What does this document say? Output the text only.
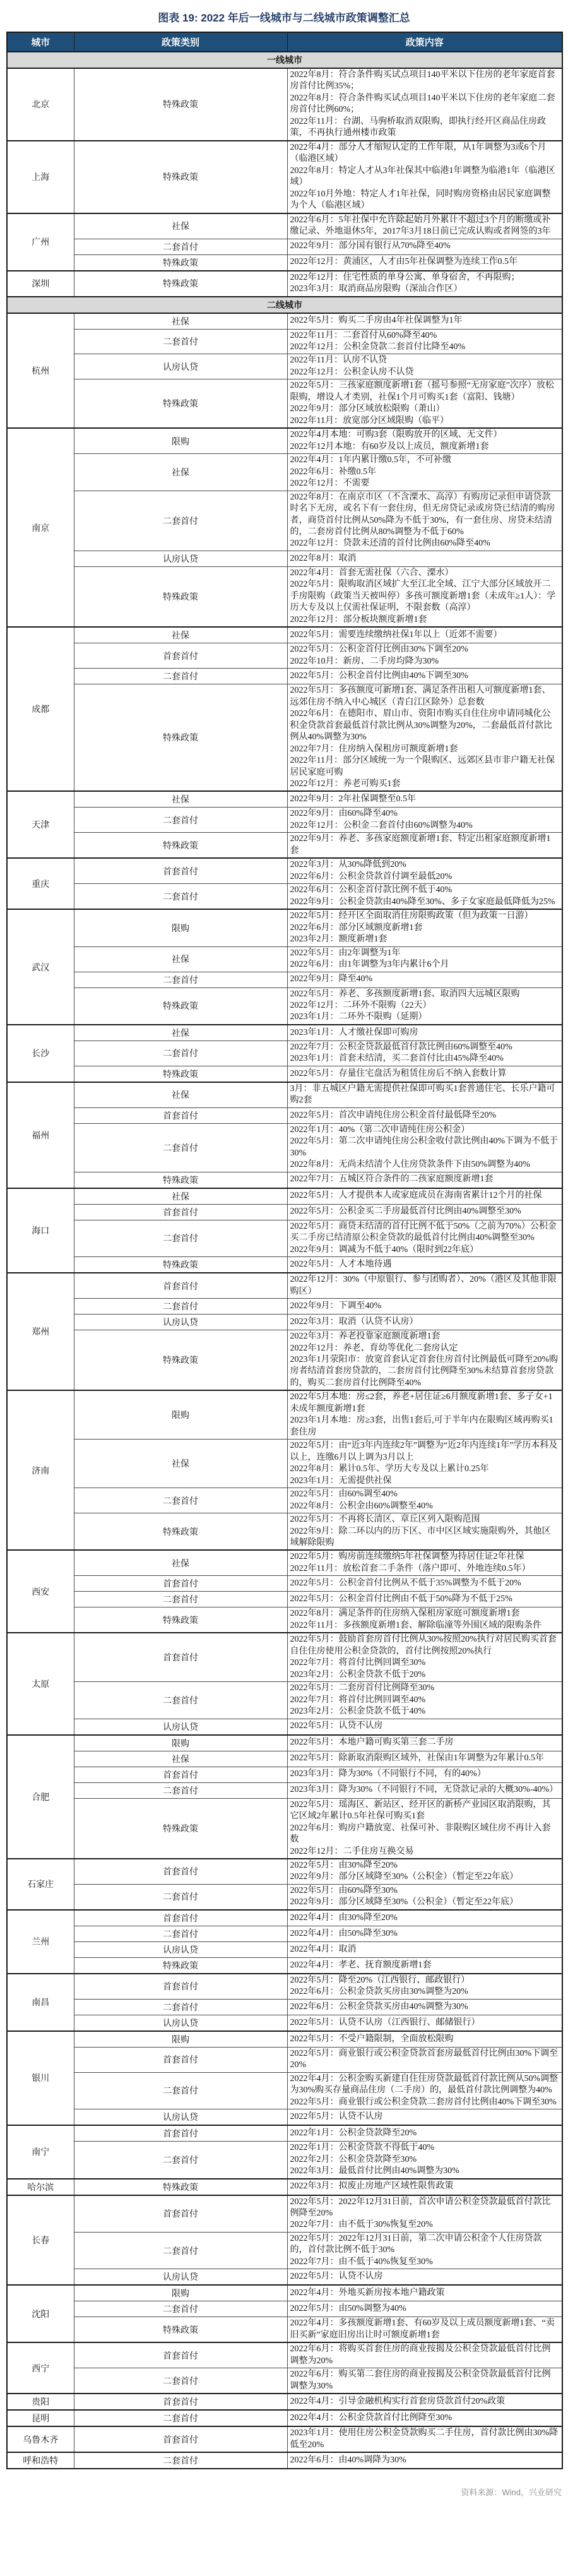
图表 19: 2022 年后一线城市与二线城市政策调整汇总
城市	政策类别	政策内容
一线城市		
北京	特殊政策	2022年8月：符合条件购买试点项目140平米以下住房的老年家庭首套房首付比例35%；
2022年8月：符合条件购买试点项目140平米以下住房的老年家庭二套房首付比例60%；
2022年11月：台湖、马驹桥取消双限购，即执行经开区商品住房政策，不再执行通州楼市政策
上海	特殊政策	2022年4月：部分人才缩短认定的工作年限，从1年调整为3或6个月（临港区域）
2022年8月：特定人才从3年社保其中临港1年调整为临港1年（临港区域）
2022年10月外地：特定人才1年社保，同时购房资格由居民家庭调整为个人（临港区域）
广州	社保	2022年6月：5年社保中允许除起始月外累计不超过3个月的断缴或补缴记录、外地退休5年，2017年3月18日前已完成认购或者网签的3年
	二套首付	2022年9月：部分国有银行从70%降至40%
	特殊政策	2022年12月：黄浦区，人才由5年社保调整为连续工作0.5年
深圳	特殊政策	2022年12月：住宅性质的单身公寓、单身宿舍，不再限购；
2023年3月：取消商品房限购（深汕合作区）
二线城市		
杭州	社保	2022年5月：购买二手房由4年社保调整为1年
	二套首付	2022年11月：二套首付从60%降至40%
2022年12月：公积金贷款二套首付比降至40%
	认房认贷	2022年11月：认房不认贷
2022年12月：公积金认房不认贷
	特殊政策	2022年5月：三孩家庭额度新增1套（摇号参照“无房家庭”次序）放松限购，增设人才类别，社保1个月可购买1套（富阳、钱塘）
2022年9月：部分区域放松限购（萧山）
2022年11月：放宽部分区域限购（临平）
南京	限购	2022年4月本地：可购3套（限购放开的区域、无文件）
2022年12月本地：有60岁及以上成员，额度新增1套
	社保	2022年4月：1年内累计缴0.5年，不可补缴
2022年6月：补缴0.5年
2022年12月：不需要
	二套首付	2022年8月：在南京市区（不含溧水、高淳）有购房记录但申请贷款时名下无房，或名下有一套住房，但无房贷记录或房贷已结清的购房者，商贷首付比例从50%降为不低于30%，有一套住房、房贷未结清的，二套房首付比例从80%调整为不低于60%
2022年12月：贷款未还清的首付比例由60%降至40%
	认房认贷	2022年8月：取消
	特殊政策	2022年4月：首套无需社保（六合、溧水）
2022年5月：限购取消区域扩大至江北全域、江宁大部分区域放开二手房限购（政策当天被叫停）多孩可额度新增1套（未成年≥1人）：学历大专及以上仅需社保证明，不限套数（高淳）
2022年12月：部分板块额度新增1套
成都	社保	2022年5月：需要连续缴纳社保1年以上（近郊不需要）
	首套首付	2022年5月：公积金首付比例由30%下调至20%
2022年10月：新房、二手房均降为30%
	二套首付	2022年5月：公积金首付比例由40%下调至30%
	特殊政策	2022年5月：多孩额度可新增1套、满足条件出租人可额度新增1套、远郊住房不纳入中心城区（青白江区除外）总套数
2022年6月：在德阳市、眉山市、资阳市购买自住住房申请同城化公积金贷款首套最低首付款比例从30%调整为20%，二套最低首付款比例从40%调整为30%
2022年7月：住房纳入保租房可额度新增1套
2022年11月：部分区域统一为一个限购区、远郊区县市非户籍无社保居民家庭可购
2022年12月：养老可购买1套
天津	社保	2022年9月：2年社保调整至0.5年
	二套首付	2022年9月：由60%降至40%
2022年12月：公积金二套首付由60%调整为40%
	特殊政策	2022年9月：养老、多孩家庭额度新增1套、特定出租家庭额度新增1套
重庆	首套首付	2022年3月：从30%降低到20%
2022年6月：公积金贷款首付调至最低20%
	二套首付	2022年6月：公积金首付款比例不低于40%
2022年9月：公积金贷款由40%降至30%、多子女家庭最低降低为25%
武汉	限购	2022年5月：经开区全面取消住房限购政策（但为政策一日游）
2022年6月：部分区域额度新增1套
2023年2月：额度新增1套
	社保	2022年5月：由2年调整为1年
2022年6月：由1年调整为3年内累计6个月
	二套首付	2022年9月：降至40%
	特殊政策	2022年5月：养老、多孩额度新增1套、取消四大远城区限购
2022年12月：二环外不限购（22天）
2023年1月：二环外不限购（延期）
长沙	社保	2023年1月：人才缴社保即可购房
	二套首付	2022年7月：公积金贷款最低首付款比例由60%调整至40%
2023年1月：首套未结清，买二套首付比由45%降至40%
	特殊政策	2022年5月：存量住宅盘活为租赁住房后不纳入套数计算
福州	社保	3月：非五城区户籍无需提供社保即可购买1套普通住宅、长乐户籍可购2套
	首套首付	2022年5月：首次申请纯住房公积金首付最低降至20%
	二套首付	2022年1月：40%（第二次申请纯住房公积金）
2022年5月：第二次申请纯住房公积金收付款比例由40%下调为不低于30%
2022年8月：无尚未结清个人住房贷款条件下由50%调整为40%
	特殊政策	2022年7月：五城区符合条件的二孩家庭额度新增1套
海口	社保	2022年5月：人才提供本人或家庭成员在海南省累计12个月的社保
	首套首付	2022年5月：公积金买二手房最低首付比例由40%调整至30%
	二套首付	2022年5月：商贷未结清的首付比例不低于50%（之前为70%）公积金买二手房已结清原公积金贷款的最低首付比例由40%调整至30%
2022年9月：调减为不低于40%（限时到22年底）
	特殊政策	2022年5月：人才本地待遇
郑州	首套首付	2022年12月：30%（中原银行、参与团购者）、20%（港区及其他非限购区）
	二套首付	2022年9月：下调至40%
	认房认贷	2022年3月：取消（认贷不认房）
	特殊政策	2022年3月：养老投靠家庭额度新增1套
2022年12月：养老、育幼等优化二套房认定
2023年1月荥阳市：放宽首套认定首套住房首付比例最低可降至20%购房者结清首套房贷款的，二套房首付比例降至30%未结算首套房贷款的，购买二套房首付比例降至40%
济南	限购	2022年5月本地：房≤2套，养老+居住证≥6月额度新增1套、多子女+1未成年额度新增1套
2023年1月本地：房≥3套，出售1套后,可于半年内在限购区域再购买1套住房
	社保	2022年5月：由“近3年内连续2年”调整为“近2年内连续1年”学历本科及以上，连缴6月以上调为3月以上
2022年8月：累计0.5年、学历大专及以上累计0.25年
2023年1月：无需提供社保
	二套首付	2022年5月：由60%调至40%
2022年8月：公积金由60%调整至40%
	特殊政策	2022年5月：不再将长清区、章丘区列入限购范围
2022年9月：除二环以内的历下区、市中区区域实施限购外，其他区域解除限购
西安	社保	2022年5月：购房前连续缴纳5年社保调整为持居住证2年社保
2022年11月：放松首套二手条件（落户即可、外地连续0.5年）
	首套首付	2022年5月：公积金首付比例从不低于35%调整为不低于20%
	二套首付	2022年5月：公积金首付比例由不低于50%降为不低于25%
	特殊政策	2022年8月：满足条件的住房纳入保租房家庭可额度新增1套
2022年11月：多孩额度新增1套、解除临潼等外围区域的限购条件
太原	首套首付	2022年5月：鼓励首套房首付比例从30%按照20%执行对居民购买首套自住住房使用公积金贷款的，首付比例按照20%执行
2022年7月：将首付比例回调至30%
2023年2月：公积金贷款不低于20%
	二套首付	2022年5月：二套房首付比例降至30%
2022年7月：将首付比例回调至40%
2023年2月：公积金贷款不低于40%
	认房认贷	2022年5月：认贷不认房
合肥	限购	2022年5月：本地户籍可购买第三套二手房
	社保	2022年5月：除新取消限购区域外，社保由1年调整为2年累计0.5年
	首套首付	2023年3月：降为30%（不同银行不同，有的40%）
	二套首付	2023年3月：降为30%（不同银行不同，无贷款记录的大概30%-40%）
	特殊政策	2022年5月：瑶海区、新站区、经开区的新桥产业园区取消限购，其它区域2年累计0.5年社保可购买1套
2022年6月：购房户籍放宽、社保可补、非限购区域住房不再计入套数
2022年12月：二手住房互换交易
石家庄	首套首付	2022年5月：由30%降至20%
2022年9月：部分区域降至30%（公积金）（暂定至22年底）
	二套首付	2022年5月：由60%降至30%
2022年9月：部分区域降至30%（公积金）（暂定至22年底）
兰州	首套首付	2022年4月：由30%降至20%
	二套首付	2022年4月：由50%降至30%
	认房认贷	2022年4月：取消
	特殊政策	2022年4月：孝老、抚育额度新增1套
南昌	首套首付	2022年5月：降至20%（江西银行、邮政银行）
2022年6月：公积金贷款买房由30%调整为20%
	二套首付	2022年6月：公积金贷款买房由40%调整为30%
	认房认贷	2022年5月：认贷不认房（江西银行、邮储银行）
银川	限购	2022年5月：不受户籍限制，全面放松限购
	首套首付	2022年5月：商业银行或公积金贷款首套房最低首付比例由30%下调至20%
	二套首付	2022年4月：公积金购买新建自住住房贷款最低首付款比例从50%调整为30%购买存量商品住房（二手房）的，最低首付款比例调整为40%
2022年5月：商业银行或公积金贷款二套房首付比例由40%下调至30%
	认房认贷	2022年5月：认贷不认房
南宁	首套首付	2022年1月：公积金贷款降至20%
	二套首付	2022年1月：公积金贷款不得低于40%
2022年2月：公积金贷款降至30%
2022年3月：最低首付比例由40%调整为30%
哈尔滨	特殊政策	2022年3月：拟废止房地产区域性限售政策
长春	首套首付	2022年5月：2022年12月31日前，首次申请公积金贷款最低首付款比例降至20%
2022年7月：由不低于30%恢复至20%
	二套首付	2022年5月：2022年12月31日前，第二次申请公积金个人住房贷款的，首付款比例不低于30%
2022年7月：由不低于40%恢复至30%
	认房认贷	2022年5月：认贷不认房
沈阳	限购	2022年4月：外地买新房按本地户籍政策
	二套首付	2022年5月：由50%调整为40%
	特殊政策	2022年4月：多孩额度新增1套、有60岁及以上成员额度新增1套、“卖旧买新”家庭旧房出让时可额度新增1套
西宁	首套首付	2022年6月：将购买首套住房的商业按揭及公积金贷款最低首付比例调整为20%
	二套首付	2022年6月：购买第二套住房的商业按揭及公积金贷款最低首付比例调整为30%
贵阳	首套首付	2022年4月：引导金融机构实行首套房贷款首付20%政策
昆明	二套首付	2022年4月：公积金贷款首付比例降至30%
乌鲁木齐	首套首付	2023年1月：使用住房公积金贷款购买二手住房，首付款比例由30%降低至20%
呼和浩特	二套首付	2022年6月：由40%调降为30%
资料来源：Wind，兴业研究
